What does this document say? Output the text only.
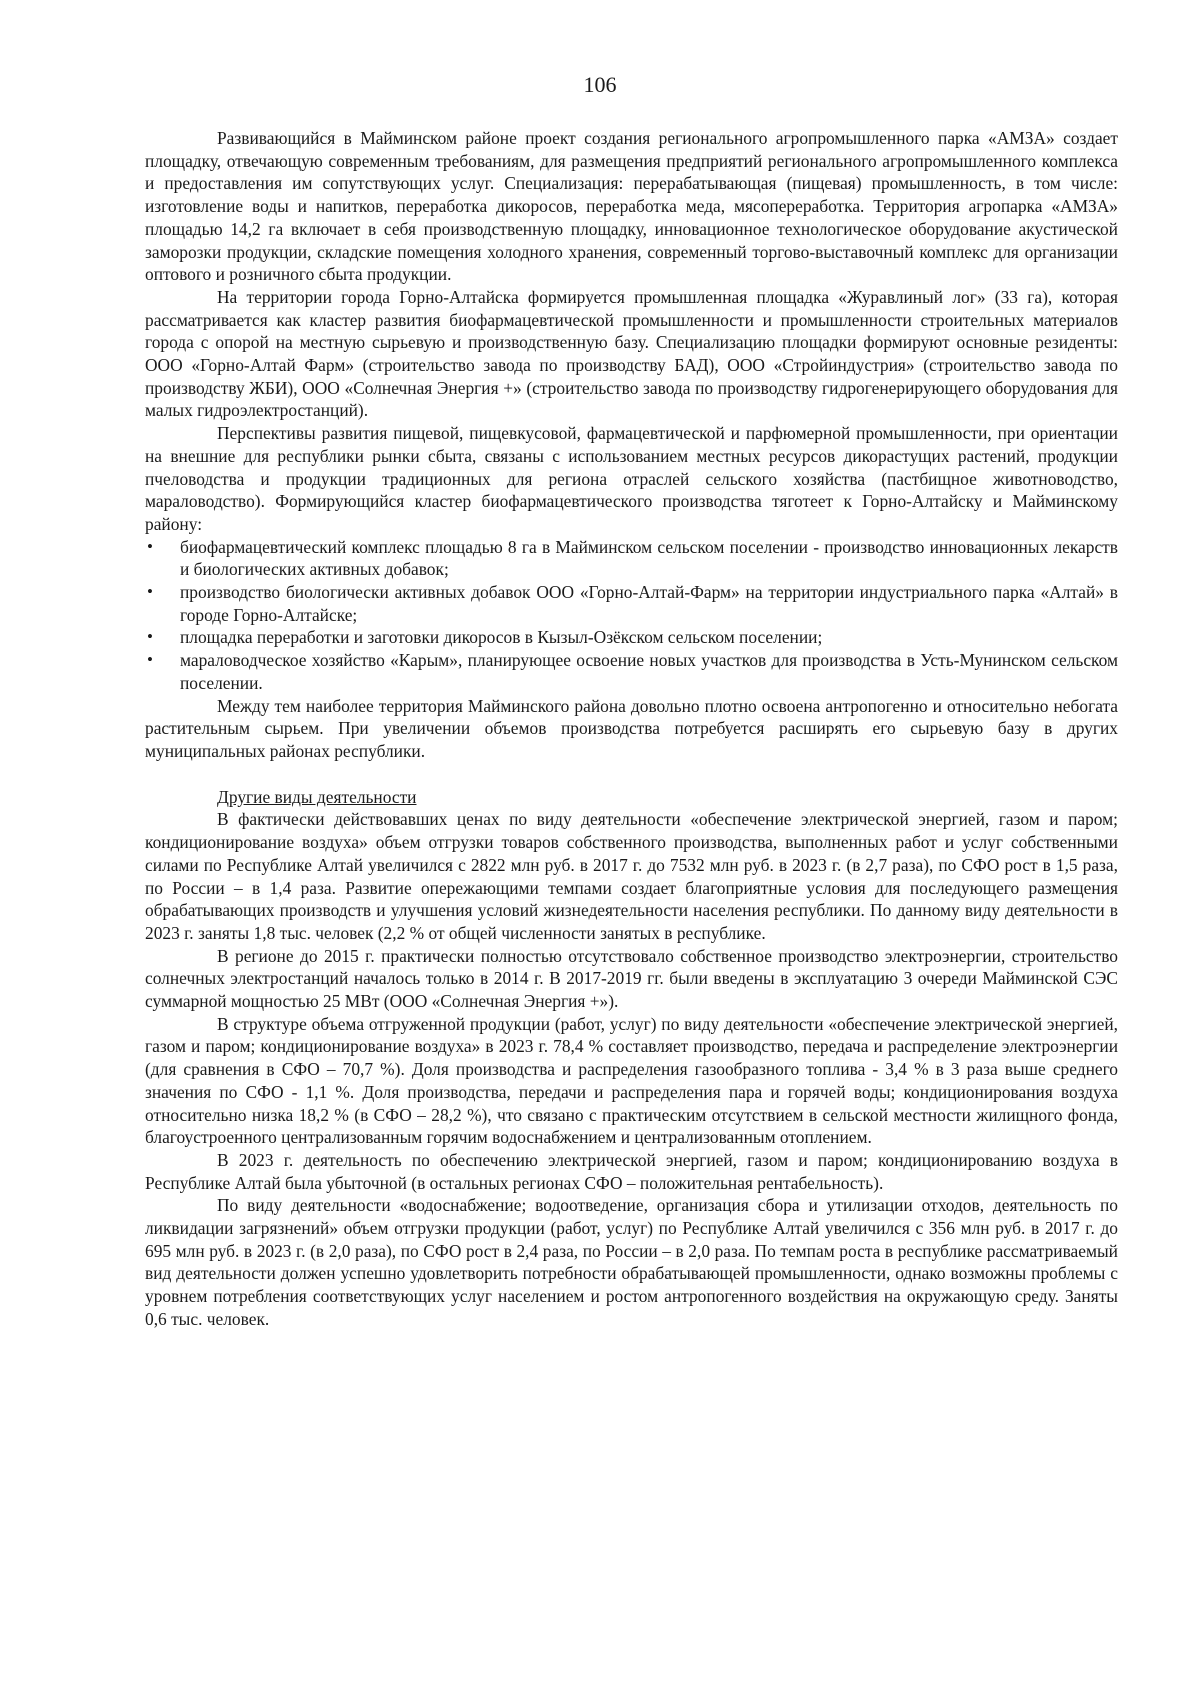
106

Развивающийся в Майминском районе проект создания регионального агропромышленного парка «АМЗА» создает площадку, отвечающую современным требованиям, для размещения предприятий регионального агропромышленного комплекса и предоставления им сопутствующих услуг. Специализация: перерабатывающая (пищевая) промышленность, в том числе: изготовление воды и напитков, переработка дикоросов, переработка меда, мясопереработка. Территория агропарка «АМЗА» площадью 14,2 га включает в себя производственную площадку, инновационное технологическое оборудование акустической заморозки продукции, складские помещения холодного хранения, современный торгово-выставочный комплекс для организации оптового и розничного сбыта продукции.

На территории города Горно-Алтайска формируется промышленная площадка «Журавлиный лог» (33 га), которая рассматривается как кластер развития биофармацевтической промышленности и промышленности строительных материалов города с опорой на местную сырьевую и производственную базу. Специализацию площадки формируют основные резиденты: ООО «Горно-Алтай Фарм» (строительство завода по производству БАД), ООО «Стройиндустрия» (строительство завода по производству ЖБИ), ООО «Солнечная Энергия +» (строительство завода по производству гидрогенерирующего оборудования для малых гидроэлектростанций).

Перспективы развития пищевой, пищевкусовой, фармацевтической и парфюмерной промышленности, при ориентации на внешние для республики рынки сбыта, связаны с использованием местных ресурсов дикорастущих растений, продукции пчеловодства и продукции традиционных для региона отраслей сельского хозяйства (пастбищное животноводство, мараловодство). Формирующийся кластер биофармацевтического производства тяготеет к Горно-Алтайску и Майминскому району:

• биофармацевтический комплекс площадью 8 га в Майминском сельском поселении - производство инновационных лекарств и биологических активных добавок;
• производство биологически активных добавок ООО «Горно-Алтай-Фарм» на территории индустриального парка «Алтай» в городе Горно-Алтайске;
• площадка переработки и заготовки дикоросов в Кызыл-Озёкском сельском поселении;
• мараловодческое хозяйство «Карым», планирующее освоение новых участков для производства в Усть-Мунинском сельском поселении.

Между тем наиболее территория Майминского района довольно плотно освоена антропогенно и относительно небогата растительным сырьем. При увеличении объемов производства потребуется расширять его сырьевую базу в других муниципальных районах республики.

Другие виды деятельности

В фактически действовавших ценах по виду деятельности «обеспечение электрической энергией, газом и паром; кондиционирование воздуха» объем отгрузки товаров собственного производства, выполненных работ и услуг собственными силами по Республике Алтай увеличился с 2822 млн руб. в 2017 г. до 7532 млн руб. в 2023 г. (в 2,7 раза), по СФО рост в 1,5 раза, по России – в 1,4 раза. Развитие опережающими темпами создает благоприятные условия для последующего размещения обрабатывающих производств и улучшения условий жизнедеятельности населения республики. По данному виду деятельности в 2023 г. заняты 1,8 тыс. человек (2,2 % от общей численности занятых в республике.

В регионе до 2015 г. практически полностью отсутствовало собственное производство электроэнергии, строительство солнечных электростанций началось только в 2014 г. В 2017-2019 гг. были введены в эксплуатацию 3 очереди Майминской СЭС суммарной мощностью 25 МВт (ООО «Солнечная Энергия +»).

В структуре объема отгруженной продукции (работ, услуг) по виду деятельности «обеспечение электрической энергией, газом и паром; кондиционирование воздуха» в 2023 г. 78,4 % составляет производство, передача и распределение электроэнергии (для сравнения в СФО – 70,7 %). Доля производства и распределения газообразного топлива - 3,4 % в 3 раза выше среднего значения по СФО - 1,1 %. Доля производства, передачи и распределения пара и горячей воды; кондиционирования воздуха относительно низка 18,2 % (в СФО – 28,2 %), что связано с практическим отсутствием в сельской местности жилищного фонда, благоустроенного централизованным горячим водоснабжением и централизованным отоплением.

В 2023 г. деятельность по обеспечению электрической энергией, газом и паром; кондиционированию воздуха в Республике Алтай была убыточной (в остальных регионах СФО – положительная рентабельность).

По виду деятельности «водоснабжение; водоотведение, организация сбора и утилизации отходов, деятельность по ликвидации загрязнений» объем отгрузки продукции (работ, услуг) по Республике Алтай увеличился с 356 млн руб. в 2017 г. до 695 млн руб. в 2023 г. (в 2,0 раза), по СФО рост в 2,4 раза, по России – в 2,0 раза. По темпам роста в республике рассматриваемый вид деятельности должен успешно удовлетворить потребности обрабатывающей промышленности, однако возможны проблемы с уровнем потребления соответствующих услуг населением и ростом антропогенного воздействия на окружающую среду. Заняты 0,6 тыс. человек.
